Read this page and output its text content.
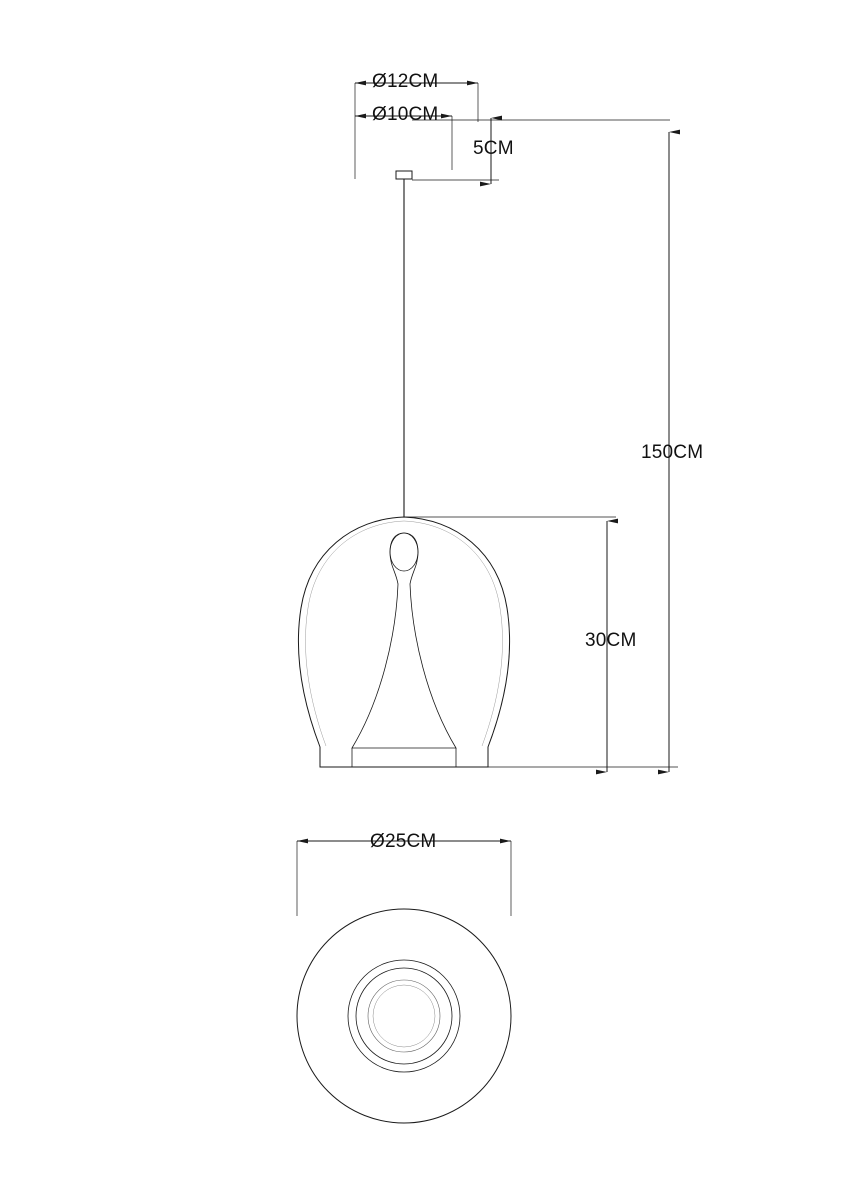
Ø12CM
Ø10CM
5CM
150CM
30CM
Ø25CM
